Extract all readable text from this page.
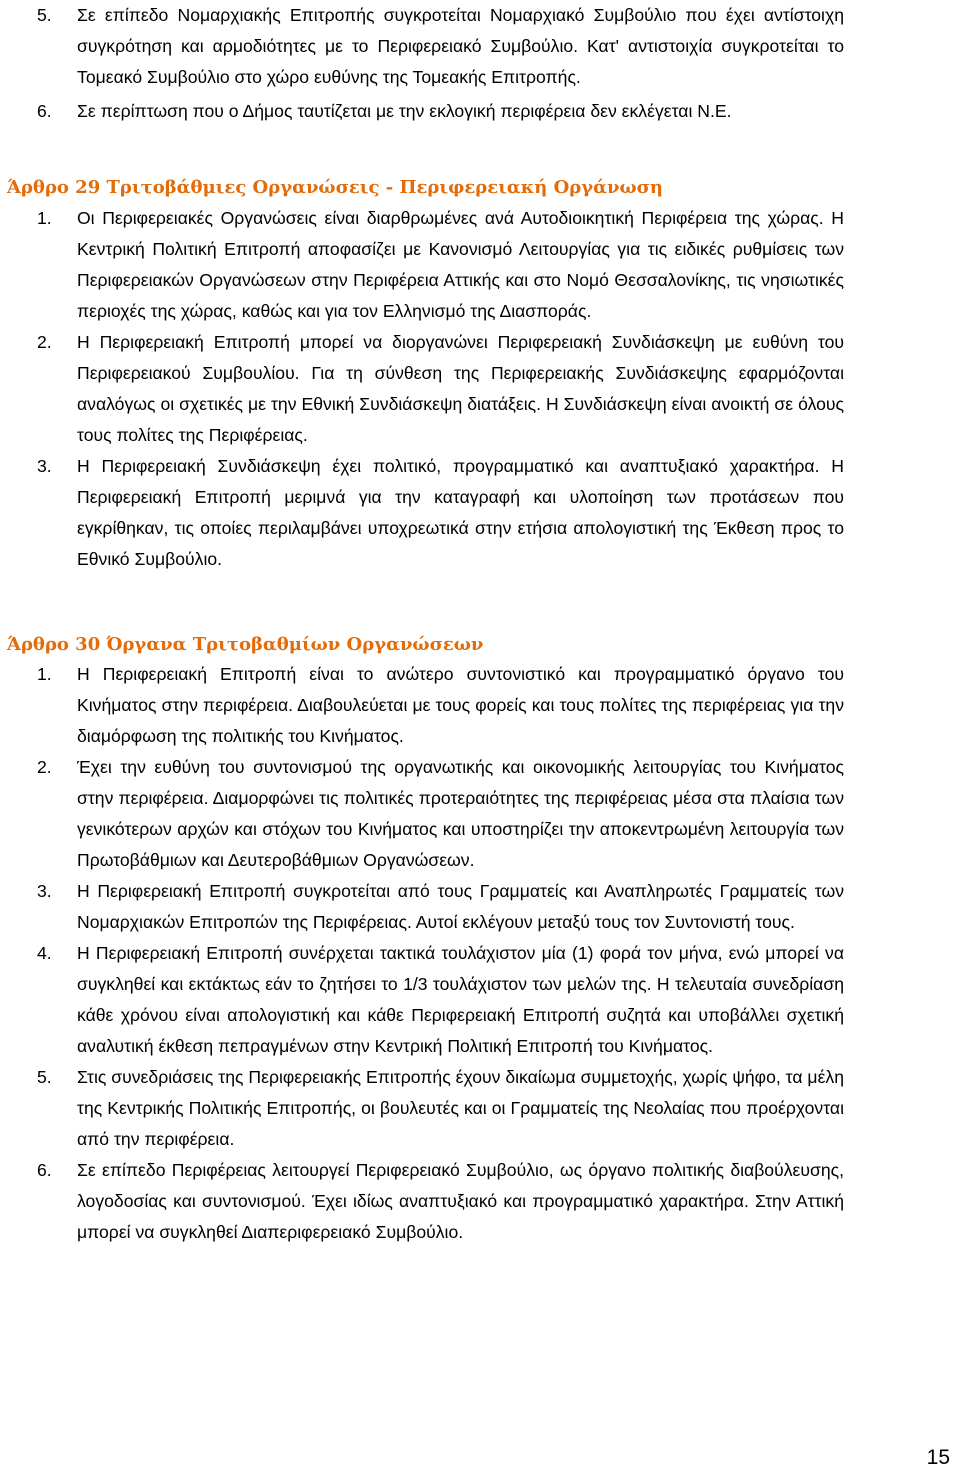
5. Σε επίπεδο Νομαρχιακής Επιτροπής συγκροτείται Νομαρχιακό Συμβούλιο που έχει αντίστοιχη συγκρότηση και αρμοδιότητες με το Περιφερειακό Συμβούλιο. Κατ' αντιστοιχία συγκροτείται το Τομεακό Συμβούλιο στο χώρο ευθύνης της Τομεακής Επιτροπής.
6. Σε περίπτωση που ο Δήμος ταυτίζεται με την εκλογική περιφέρεια δεν εκλέγεται Ν.Ε.
Άρθρο 29 Τριτοβάθμιες Οργανώσεις - Περιφερειακή Οργάνωση
1. Οι Περιφερειακές Οργανώσεις είναι διαρθρωμένες ανά Αυτοδιοικητική Περιφέρεια της χώρας. Η Κεντρική Πολιτική Επιτροπή αποφασίζει με Κανονισμό Λειτουργίας για τις ειδικές ρυθμίσεις των Περιφερειακών Οργανώσεων στην Περιφέρεια Αττικής και στο Νομό Θεσσαλονίκης, τις νησιωτικές περιοχές της χώρας, καθώς και για τον Ελληνισμό της Διασποράς.
2. Η Περιφερειακή Επιτροπή μπορεί να διοργανώνει Περιφερειακή Συνδιάσκεψη με ευθύνη του Περιφερειακού Συμβουλίου. Για τη σύνθεση της Περιφερειακής Συνδιάσκεψης εφαρμόζονται αναλόγως οι σχετικές με την Εθνική Συνδιάσκεψη διατάξεις. Η Συνδιάσκεψη είναι ανοικτή σε όλους τους πολίτες της Περιφέρειας.
3. Η Περιφερειακή Συνδιάσκεψη έχει πολιτικό, προγραμματικό και αναπτυξιακό χαρακτήρα. Η Περιφερειακή Επιτροπή μεριμνά για την καταγραφή και υλοποίηση των προτάσεων που εγκρίθηκαν, τις οποίες περιλαμβάνει υποχρεωτικά στην ετήσια απολογιστική της Έκθεση προς το Εθνικό Συμβούλιο.
Άρθρο 30 Όργανα Τριτοβαθμίων Οργανώσεων
1. Η Περιφερειακή Επιτροπή είναι το ανώτερο συντονιστικό και προγραμματικό όργανο του Κινήματος στην περιφέρεια. Διαβουλεύεται με τους φορείς και τους πολίτες της περιφέρειας για την διαμόρφωση της πολιτικής του Κινήματος.
2. Έχει την ευθύνη του συντονισμού της οργανωτικής και οικονομικής λειτουργίας του Κινήματος στην περιφέρεια. Διαμορφώνει τις πολιτικές προτεραιότητες της περιφέρειας μέσα στα πλαίσια των γενικότερων αρχών και στόχων του Κινήματος και υποστηρίζει την αποκεντρωμένη λειτουργία των Πρωτοβάθμιων και Δευτεροβάθμιων Οργανώσεων.
3. Η Περιφερειακή Επιτροπή συγκροτείται από τους Γραμματείς και Αναπληρωτές Γραμματείς των Νομαρχιακών Επιτροπών της Περιφέρειας. Αυτοί εκλέγουν μεταξύ τους τον Συντονιστή τους.
4. Η Περιφερειακή Επιτροπή συνέρχεται τακτικά τουλάχιστον μία (1) φορά τον μήνα, ενώ μπορεί να συγκληθεί και εκτάκτως εάν το ζητήσει το 1/3 τουλάχιστον των μελών της. Η τελευταία συνεδρίαση κάθε χρόνου είναι απολογιστική και κάθε Περιφερειακή Επιτροπή συζητά και υποβάλλει σχετική αναλυτική έκθεση πεπραγμένων στην Κεντρική Πολιτική Επιτροπή του Κινήματος.
5. Στις συνεδριάσεις της Περιφερειακής Επιτροπής έχουν δικαίωμα συμμετοχής, χωρίς ψήφο, τα μέλη της Κεντρικής Πολιτικής Επιτροπής, οι βουλευτές και οι Γραμματείς της Νεολαίας που προέρχονται από την περιφέρεια.
6. Σε επίπεδο Περιφέρειας λειτουργεί Περιφερειακό Συμβούλιο, ως όργανο πολιτικής διαβούλευσης, λογοδοσίας και συντονισμού. Έχει ιδίως αναπτυξιακό και προγραμματικό χαρακτήρα. Στην Αττική μπορεί να συγκληθεί Διαπεριφερειακό Συμβούλιο.
15
